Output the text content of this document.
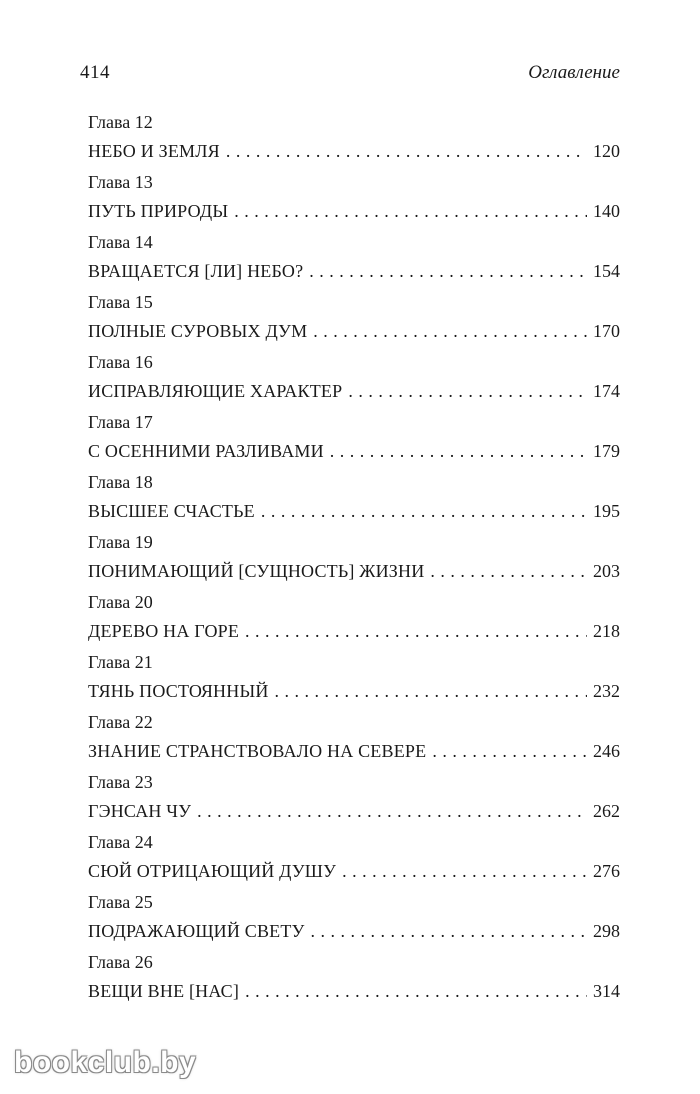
414	Оглавление
Глава 12
НЕБО И ЗЕМЛЯ . . .	120
Глава 13
ПУТЬ ПРИРОДЫ . . .	140
Глава 14
ВРАЩАЕТСЯ [ЛИ] НЕБО? . . .	154
Глава 15
ПОЛНЫЕ СУРОВЫХ ДУМ . . .	170
Глава 16
ИСПРАВЛЯЮЩИЕ ХАРАКТЕР . . .	174
Глава 17
С ОСЕННИМИ РАЗЛИВАМИ . . .	179
Глава 18
ВЫСШЕЕ СЧАСТЬЕ . . .	195
Глава 19
ПОНИМАЮЩИЙ [СУЩНОСТЬ] ЖИЗНИ . . .	203
Глава 20
ДЕРЕВО НА ГОРЕ . . .	218
Глава 21
ТЯНЬ ПОСТОЯННЫЙ . . .	232
Глава 22
ЗНАНИЕ СТРАНСТВОВАЛО НА СЕВЕРЕ . . .	246
Глава 23
ГЭНСАН ЧУ . . .	262
Глава 24
СЮЙ ОТРИЦАЮЩИЙ ДУШУ . . .	276
Глава 25
ПОДРАЖАЮЩИЙ СВЕТУ . . .	298
Глава 26
ВЕЩИ ВНЕ [НАС] . . .	314
bookclub.by
